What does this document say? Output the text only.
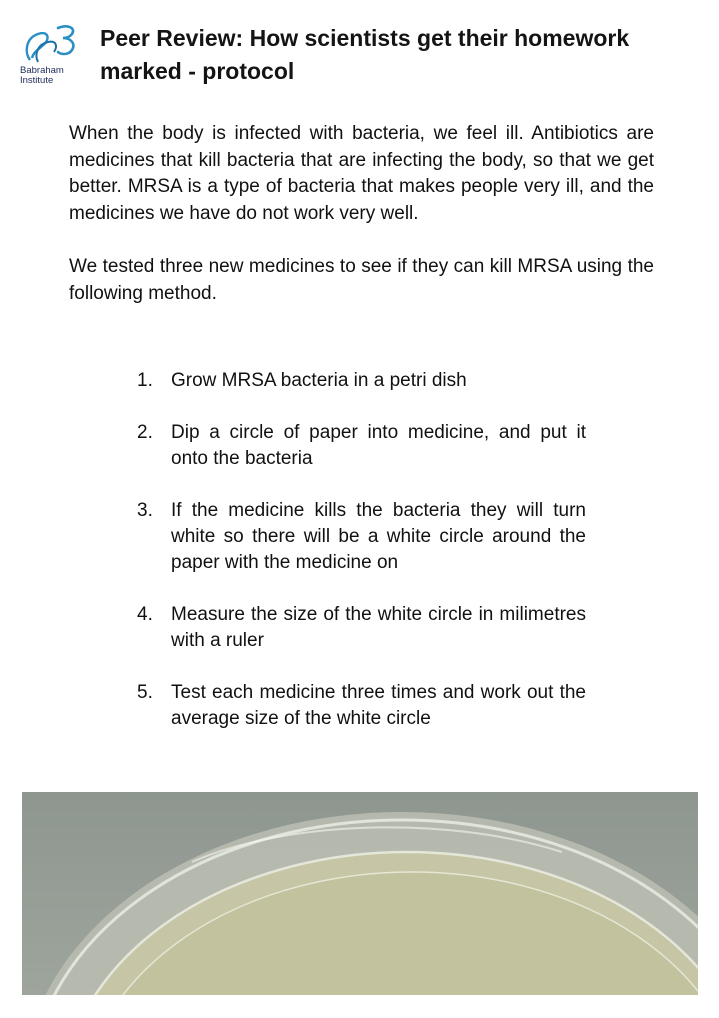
Babraham
Institute
Peer Review: How scientists get their homework
marked - protocol

When the body is infected with bacteria, we feel ill. Antibiotics are medicines that kill bacteria that are infecting the body, so that we get better. MRSA is a type of bacteria that makes people very ill, and the medicines we have do not work very well.

We tested three new medicines to see if they can kill MRSA using the following method.

1. Grow MRSA bacteria in a petri dish
2. Dip a circle of paper into medicine, and put it onto the bacteria
3. If the medicine kills the bacteria they will turn white so there will be a white circle around the paper with the medicine on
4. Measure the size of the white circle in milimetres with a ruler
5. Test each medicine three times and work out the average size of the white circle
